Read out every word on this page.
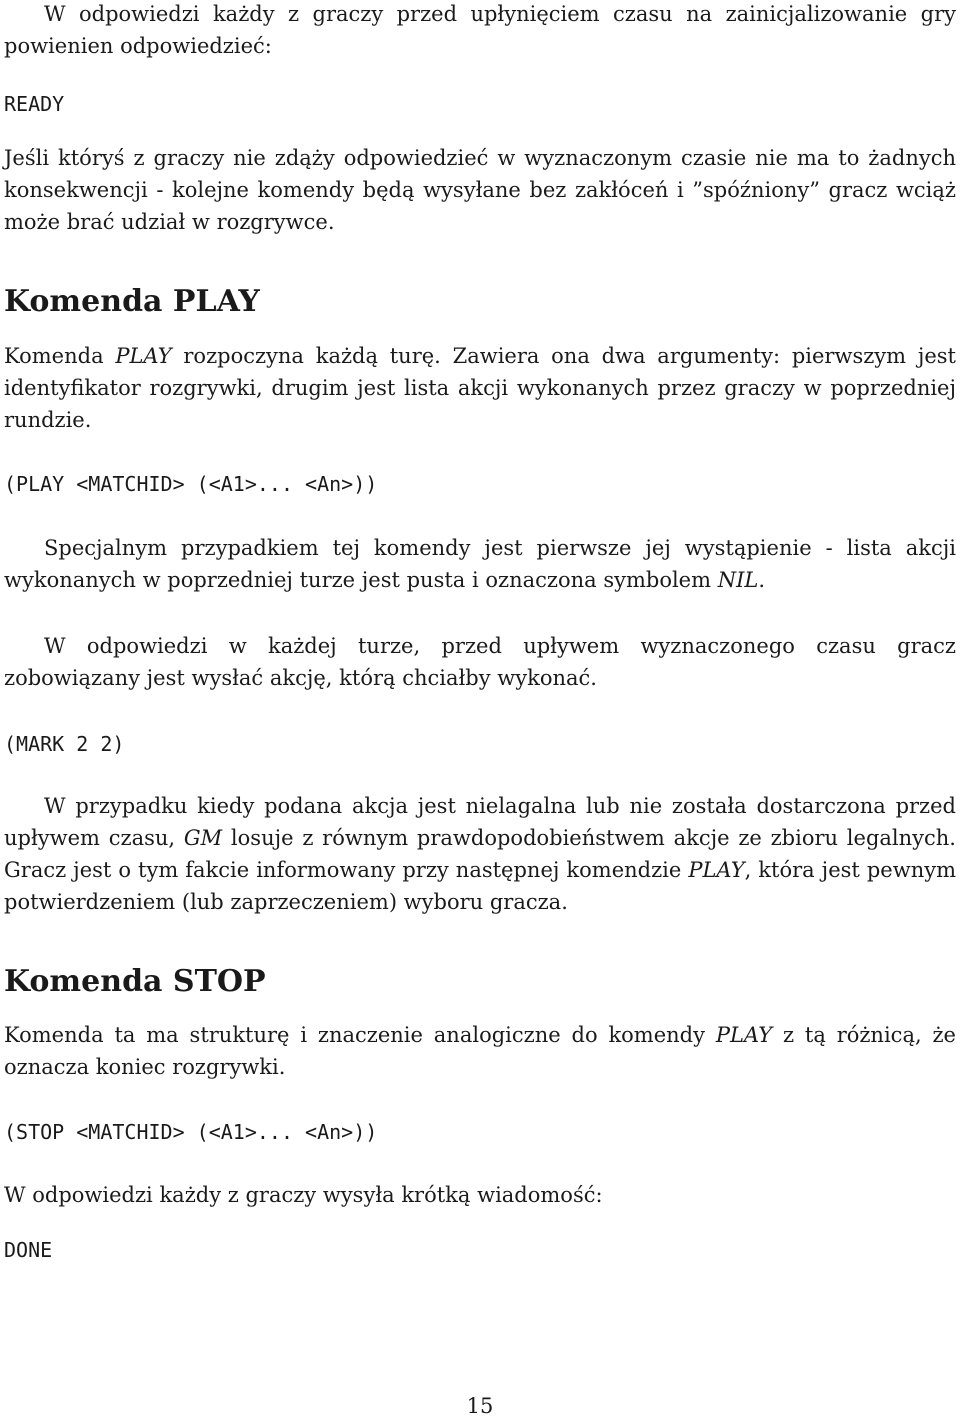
W odpowiedzi każdy z graczy przed upłynięciem czasu na zainicjalizowanie gry powienien odpowiedzieć:

READY

Jeśli któryś z graczy nie zdąży odpowiedzieć w wyznaczonym czasie nie ma to żadnych konsekwencji - kolejne komendy będą wysyłane bez zakłóceń i ”spóźniony” gracz wciąż może brać udział w rozgrywce.

Komenda PLAY

Komenda PLAY rozpoczyna każdą turę. Zawiera ona dwa argumenty: pierwszym jest identyfikator rozgrywki, drugim jest lista akcji wykonanych przez graczy w poprzedniej rundzie.

(PLAY <MATCHID> (<A1>... <An>))

Specjalnym przypadkiem tej komendy jest pierwsze jej wystąpienie - lista akcji wykonanych w poprzedniej turze jest pusta i oznaczona symbolem NIL.

W odpowiedzi w każdej turze, przed upływem wyznaczonego czasu gracz zobowiązany jest wysłać akcję, którą chciałby wykonać.

(MARK 2 2)

W przypadku kiedy podana akcja jest nielagalna lub nie została dostarczona przed upływem czasu, GM losuje z równym prawdopodobieństwem akcje ze zbioru legalnych. Gracz jest o tym fakcie informowany przy następnej komendzie PLAY, która jest pewnym potwierdzeniem (lub zaprzeczeniem) wyboru gracza.

Komenda STOP

Komenda ta ma strukturę i znaczenie analogiczne do komendy PLAY z tą różnicą, że oznacza koniec rozgrywki.

(STOP <MATCHID> (<A1>... <An>))

W odpowiedzi każdy z graczy wysyła krótką wiadomość:

DONE
15
